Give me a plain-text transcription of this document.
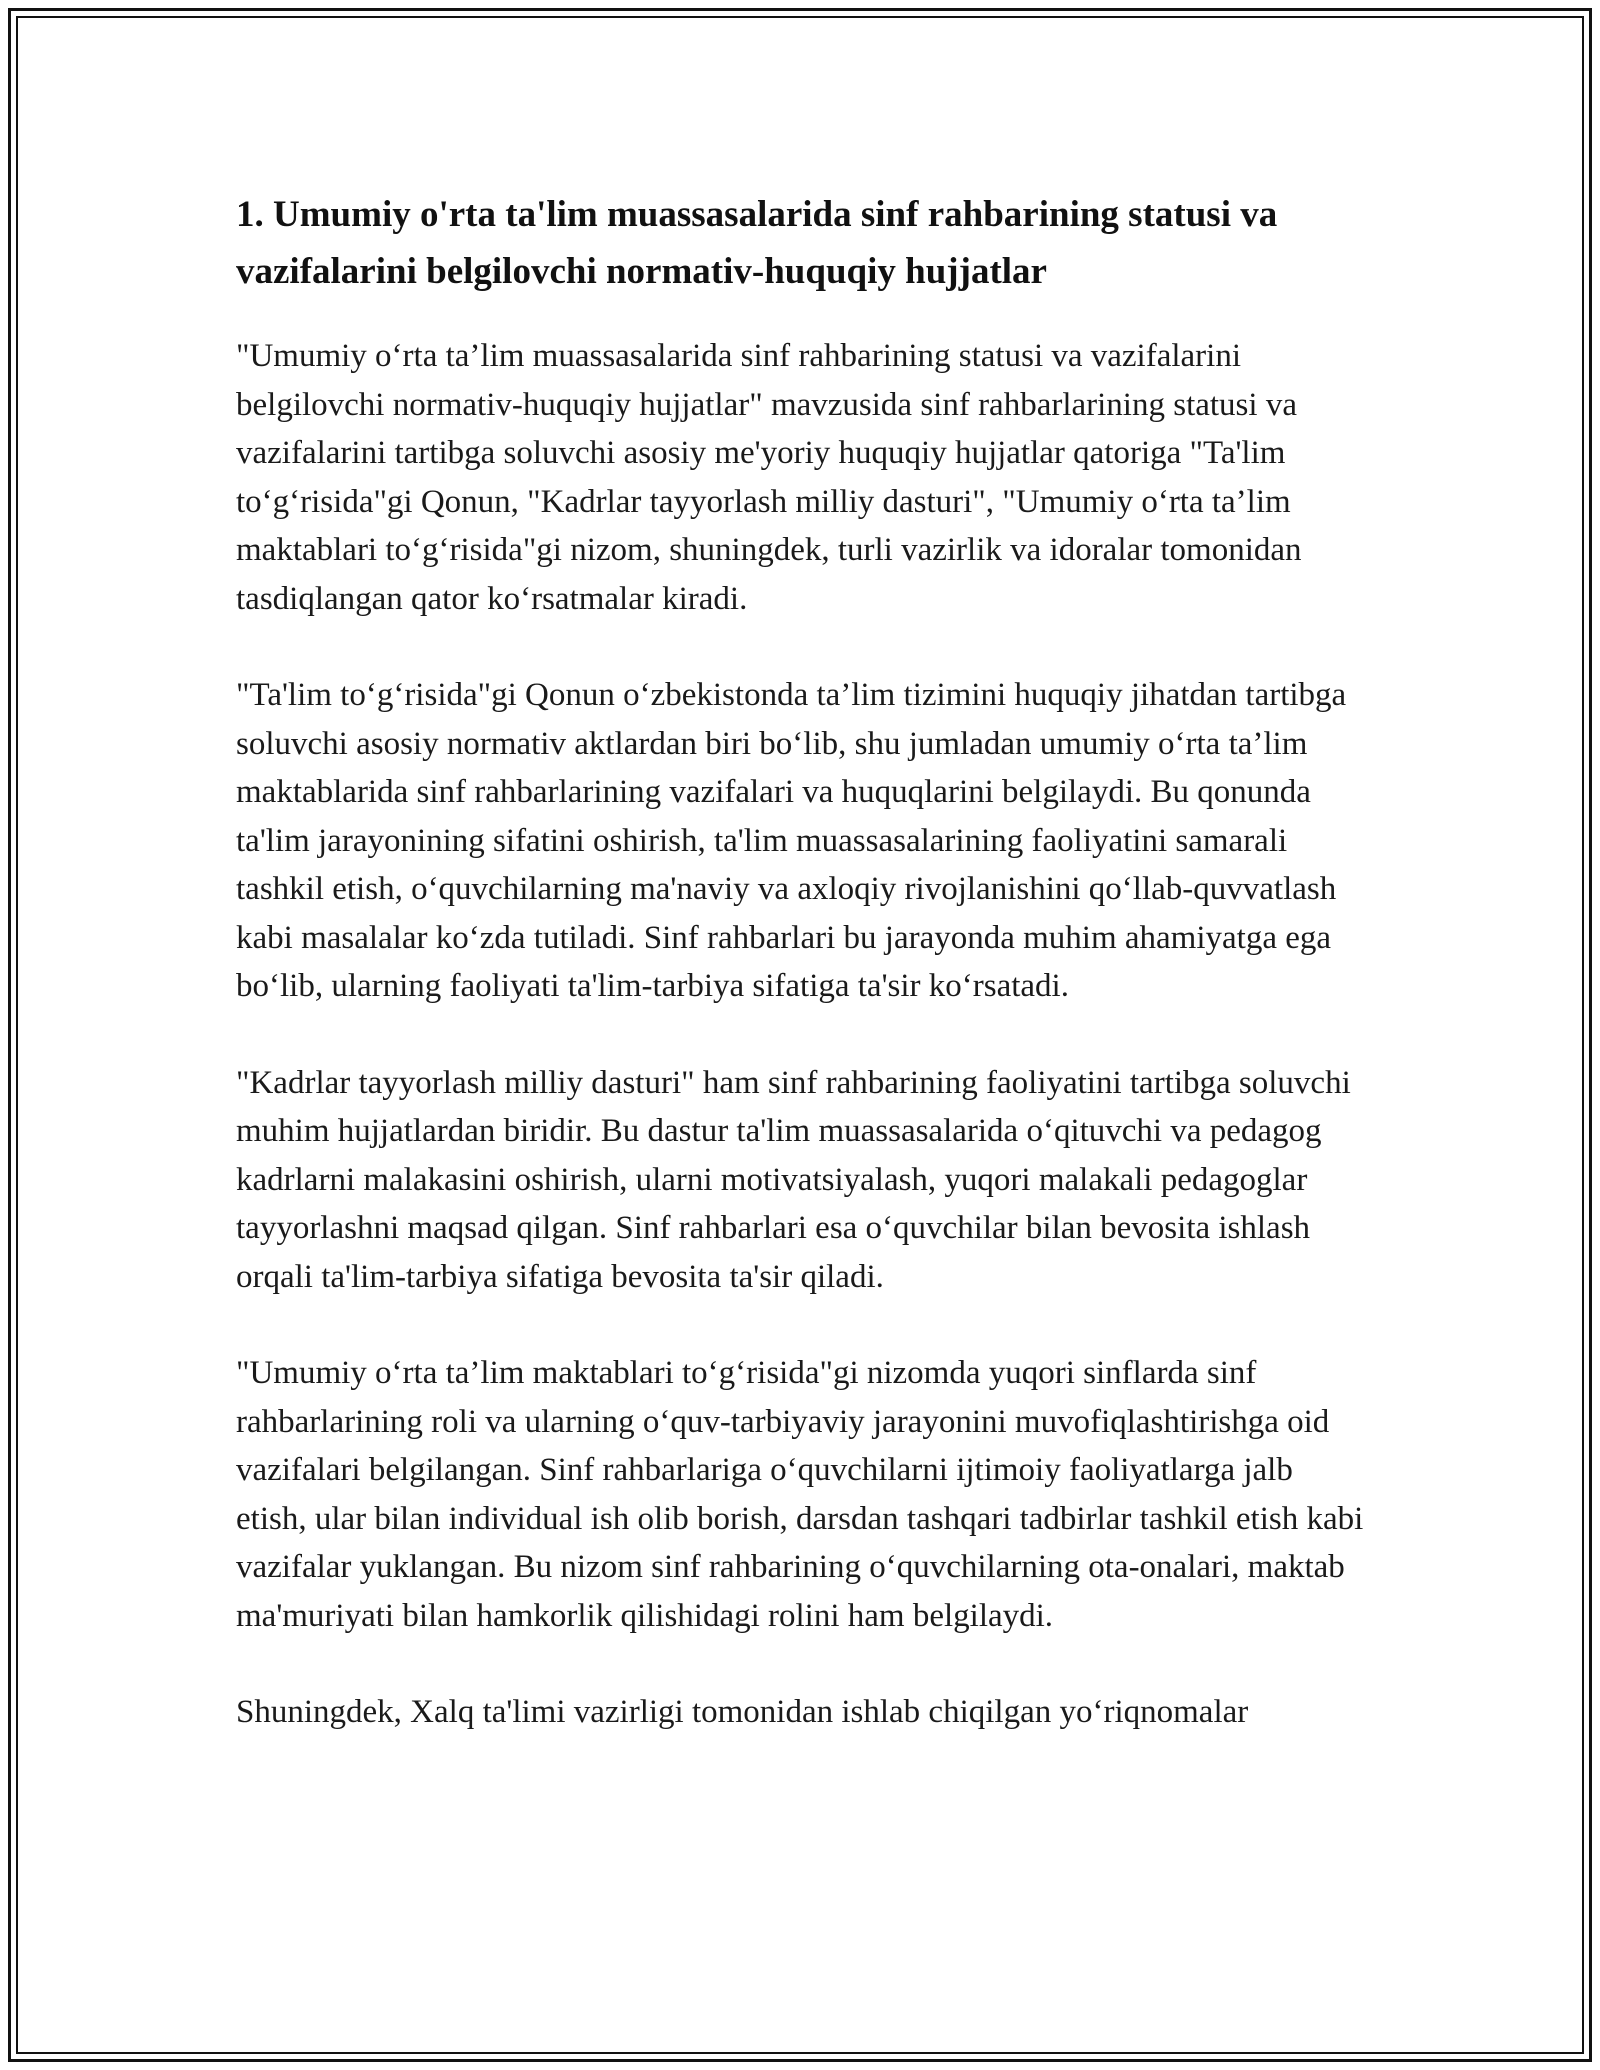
1. Umumiy o'rta ta'lim muassasalarida sinf rahbarining statusi va vazifalarini belgilovchi normativ-huquqiy hujjatlar

"Umumiy o‘rta ta’lim muassasalarida sinf rahbarining statusi va vazifalarini belgilovchi normativ-huquqiy hujjatlar" mavzusida sinf rahbarlarining statusi va vazifalarini tartibga soluvchi asosiy me'yoriy huquqiy hujjatlar qatoriga "Ta'lim to‘g‘risida"gi Qonun, "Kadrlar tayyorlash milliy dasturi", "Umumiy o‘rta ta’lim maktablari to‘g‘risida"gi nizom, shuningdek, turli vazirlik va idoralar tomonidan tasdiqlangan qator ko‘rsatmalar kiradi.

"Ta'lim to‘g‘risida"gi Qonun o‘zbekistonda ta’lim tizimini huquqiy jihatdan tartibga soluvchi asosiy normativ aktlardan biri bo‘lib, shu jumladan umumiy o‘rta ta’lim maktablarida sinf rahbarlarining vazifalari va huquqlarini belgilaydi. Bu qonunda ta'lim jarayonining sifatini oshirish, ta'lim muassasalarining faoliyatini samarali tashkil etish, o‘quvchilarning ma'naviy va axloqiy rivojlanishini qo‘llab-quvvatlash kabi masalalar ko‘zda tutiladi. Sinf rahbarlari bu jarayonda muhim ahamiyatga ega bo‘lib, ularning faoliyati ta'lim-tarbiya sifatiga ta'sir ko‘rsatadi.

"Kadrlar tayyorlash milliy dasturi" ham sinf rahbarining faoliyatini tartibga soluvchi muhim hujjatlardan biridir. Bu dastur ta'lim muassasalarida o‘qituvchi va pedagog kadrlarni malakasini oshirish, ularni motivatsiyalash, yuqori malakali pedagoglar tayyorlashni maqsad qilgan. Sinf rahbarlari esa o‘quvchilar bilan bevosita ishlash orqali ta'lim-tarbiya sifatiga bevosita ta'sir qiladi.

"Umumiy o‘rta ta’lim maktablari to‘g‘risida"gi nizomda yuqori sinflarda sinf rahbarlarining roli va ularning o‘quv-tarbiyaviy jarayonini muvofiqlashtirishga oid vazifalari belgilangan. Sinf rahbarlariga o‘quvchilarni ijtimoiy faoliyatlarga jalb etish, ular bilan individual ish olib borish, darsdan tashqari tadbirlar tashkil etish kabi vazifalar yuklangan. Bu nizom sinf rahbarining o‘quvchilarning ota-onalari, maktab ma'muriyati bilan hamkorlik qilishidagi rolini ham belgilaydi.

Shuningdek, Xalq ta'limi vazirligi tomonidan ishlab chiqilgan yo‘riqnomalar
